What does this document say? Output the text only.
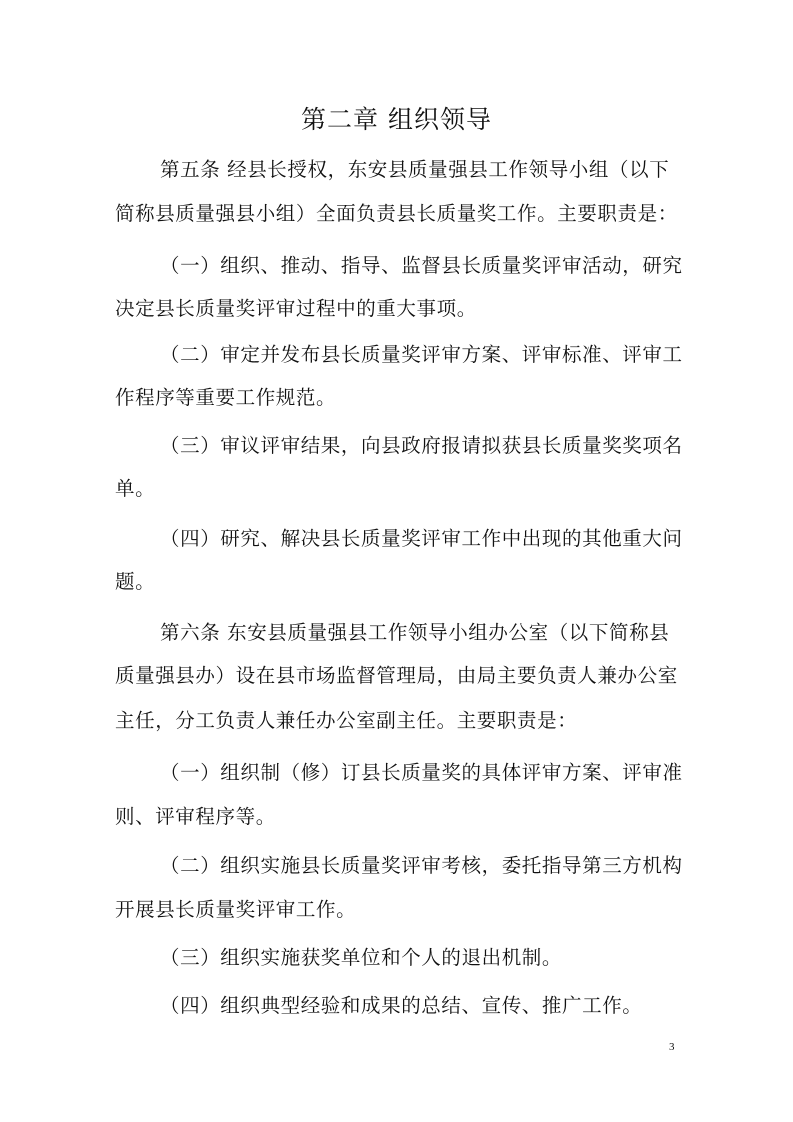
第二章 组织领导
第五条 经县长授权，东安县质量强县工作领导小组（以下
简称县质量强县小组）全面负责县长质量奖工作。主要职责是：
（一）组织、推动、指导、监督县长质量奖评审活动，研究
决定县长质量奖评审过程中的重大事项。
（二）审定并发布县长质量奖评审方案、评审标准、评审工
作程序等重要工作规范。
（三）审议评审结果，向县政府报请拟获县长质量奖奖项名
单。
（四）研究、解决县长质量奖评审工作中出现的其他重大问
题。
第六条 东安县质量强县工作领导小组办公室（以下简称县
质量强县办）设在县市场监督管理局，由局主要负责人兼办公室
主任，分工负责人兼任办公室副主任。主要职责是：
（一）组织制（修）订县长质量奖的具体评审方案、评审准
则、评审程序等。
（二）组织实施县长质量奖评审考核，委托指导第三方机构
开展县长质量奖评审工作。
（三）组织实施获奖单位和个人的退出机制。
（四）组织典型经验和成果的总结、宣传、推广工作。
3
